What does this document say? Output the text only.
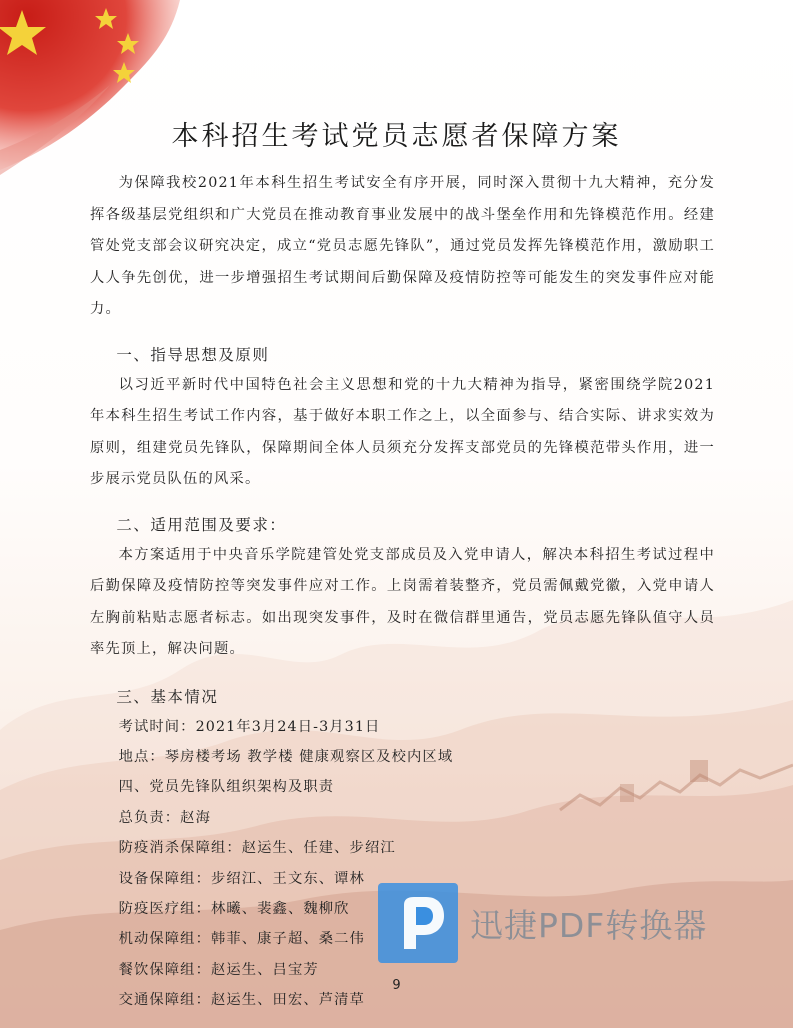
本科招生考试党员志愿者保障方案

为保障我校2021年本科生招生考试安全有序开展，同时深入贯彻十九大精神，充分发挥各级基层党组织和广大党员在推动教育事业发展中的战斗堡垒作用和先锋模范作用。经建管处党支部会议研究决定，成立“党员志愿先锋队”，通过党员发挥先锋模范作用，激励职工人人争先创优，进一步增强招生考试期间后勤保障及疫情防控等可能发生的突发事件应对能力。

一、指导思想及原则

以习近平新时代中国特色社会主义思想和党的十九大精神为指导，紧密围绕学院2021年本科生招生考试工作内容，基于做好本职工作之上，以全面参与、结合实际、讲求实效为原则，组建党员先锋队，保障期间全体人员须充分发挥支部党员的先锋模范带头作用，进一步展示党员队伍的风采。

二、适用范围及要求：

本方案适用于中央音乐学院建管处党支部成员及入党申请人，解决本科招生考试过程中后勤保障及疫情防控等突发事件应对工作。上岗需着装整齐，党员需佩戴党徽，入党申请人左胸前粘贴志愿者标志。如出现突发事件，及时在微信群里通告，党员志愿先锋队值守人员率先顶上，解决问题。

三、基本情况

考试时间：2021年3月24日-3月31日

地点：琴房楼考场 教学楼 健康观察区及校内区域

四、党员先锋队组织架构及职责

总负责：赵海

防疫消杀保障组：赵运生、任建、步绍江

设备保障组：步绍江、王文东、谭林

防疫医疗组：林曦、裴鑫、魏柳欣

机动保障组：韩菲、康子超、桑二伟

餐饮保障组：赵运生、吕宝芳

交通保障组：赵运生、田宏、芦清草

迅捷PDF转换器
9
